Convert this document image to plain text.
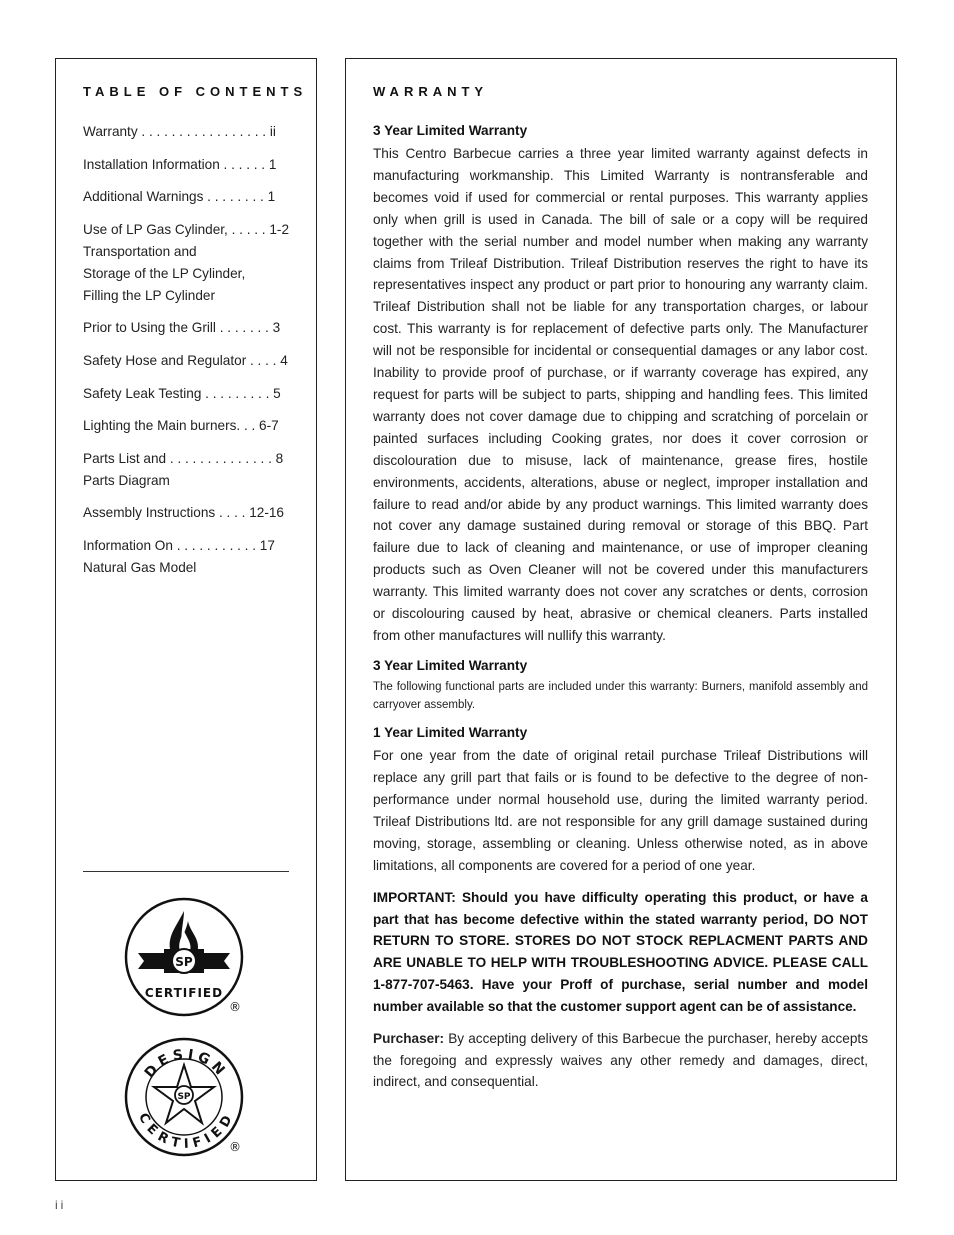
TABLE OF CONTENTS
Warranty . . . . . . . . . . . . . . . . . ii
Installation Information . . . . . . 1
Additional Warnings . . . . . . . . 1
Use of LP Gas Cylinder, . . . . . 1-2
Transportation and
Storage of the LP Cylinder,
Filling the LP Cylinder
Prior to Using the Grill . . . . . . . 3
Safety Hose and Regulator . . . . 4
Safety Leak Testing . . . . . . . . . 5
Lighting the Main burners. . . 6-7
Parts List and . . . . . . . . . . . . . . 8
Parts Diagram
Assembly Instructions . . . . 12-16
Information On . . . . . . . . . . . 17
Natural Gas Model
SP
CERTIFIED
®
DESIGN
CERTIFIED
SP
®
WARRANTY
3 Year Limited Warranty
This Centro Barbecue carries a three year limited warranty against defects in manufacturing workmanship. This Limited Warranty is nontransferable and becomes void if used for commercial or rental purposes. This warranty applies only when grill is used in Canada. The bill of sale or a copy will be required together with the serial number and model number when making any warranty claims from Trileaf Distribution. Trileaf Distribution reserves the right to have its representatives inspect any product or part prior to honouring any warranty claim. Trileaf Distribution shall not be liable for any transportation charges, or labour cost. This warranty is for replacement of defective parts only. The Manufacturer will not be responsible for incidental or consequential damages or any labor cost. Inability to provide proof of purchase, or if warranty coverage has expired, any request for parts will be subject to parts, shipping and handling fees. This limited warranty does not cover damage due to chipping and scratching of porcelain or painted surfaces including Cooking grates, nor does it cover corrosion or discolouration due to misuse, lack of maintenance, grease fires, hostile environments, accidents, alterations, abuse or neglect, improper installation and failure to read and/or abide by any product warnings. This limited warranty does not cover any damage sustained during removal or storage of this BBQ. Part failure due to lack of cleaning and maintenance, or use of improper cleaning products such as Oven Cleaner will not be covered under this manufacturers warranty. This limited warranty does not cover any scratches or dents, corrosion or discolouring caused by heat, abrasive or chemical cleaners. Parts installed from other manufactures will nullify this warranty.
3 Year Limited Warranty
The following functional parts are included under this warranty: Burners, manifold assembly and carryover assembly.
1 Year Limited Warranty
For one year from the date of original retail purchase Trileaf Distributions will replace any grill part that fails or is found to be defective to the degree of non-performance under normal household use, during the limited warranty period. Trileaf Distributions ltd. are not responsible for any grill damage sustained during moving, storage, assembling or cleaning. Unless otherwise noted, as in above limitations, all components are covered for a period of one year.
IMPORTANT: Should you have difficulty operating this product, or have a part that has become defective within the stated warranty period, DO NOT RETURN TO STORE. STORES DO NOT STOCK REPLACMENT PARTS AND ARE UNABLE TO HELP WITH TROUBLESHOOTING ADVICE. PLEASE CALL 1-877-707-5463. Have your Proff of purchase, serial number and model number available so that the customer support agent can be of assistance.
Purchaser: By accepting delivery of this Barbecue the purchaser, hereby accepts the foregoing and expressly waives any other remedy and damages, direct, indirect, and consequential.
ii
